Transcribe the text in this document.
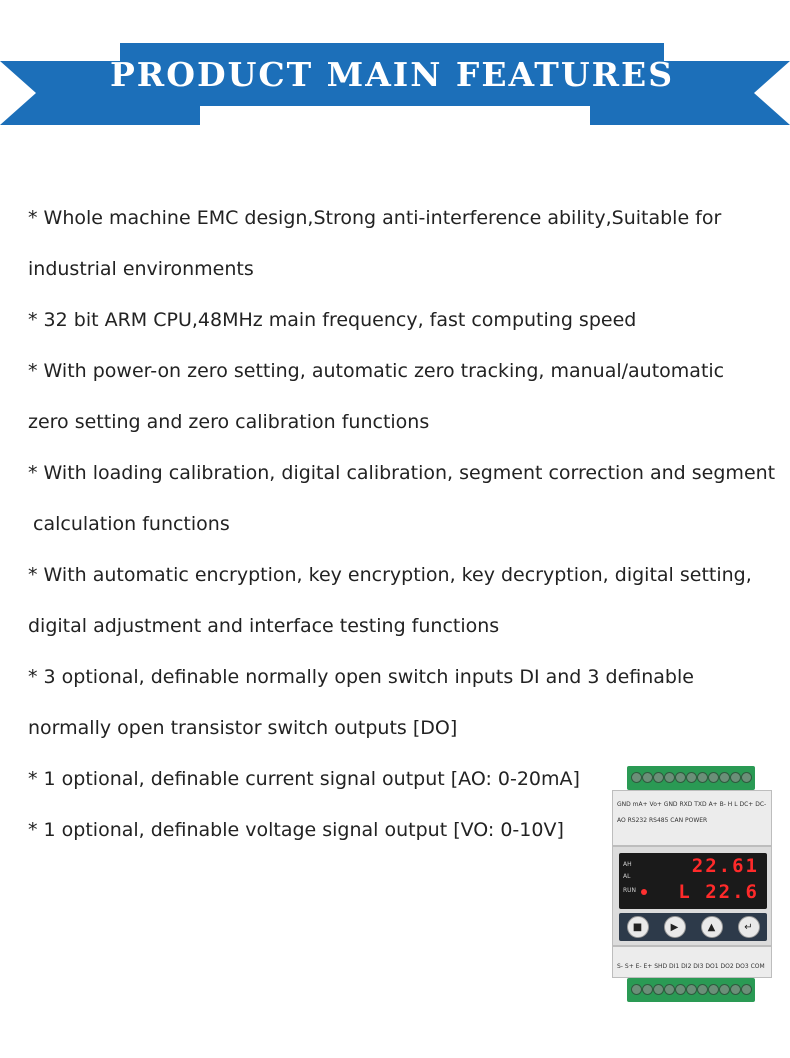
PRODUCT MAIN FEATURES
* Whole machine EMC design,Strong anti-interference ability,Suitable for
industrial environments
* 32 bit ARM CPU,48MHz main frequency, fast computing speed
* With power-on zero setting, automatic zero tracking, manual/automatic
zero setting and zero calibration functions
* With loading calibration, digital calibration, segment correction and segment
calculation functions
* With automatic encryption, key encryption, key decryption, digital setting,
digital adjustment and interface testing functions
* 3 optional, definable normally open switch inputs DI and 3 definable
normally open transistor switch outputs [DO]
* 1 optional, definable current signal output [AO: 0-20mA]
* 1 optional, definable voltage signal output [VO: 0-10V]
GND mA+ Vo+ GND RXD TXD A+ B- H L DC+ DC-
AO RS232 RS485 CAN POWER
AH
AL
RUN
22.61
L 22.6
■	▶	▲	↵
S- S+ E- E+ SHD DI1 DI2 DI3 DO1 DO2 DO3 COM
